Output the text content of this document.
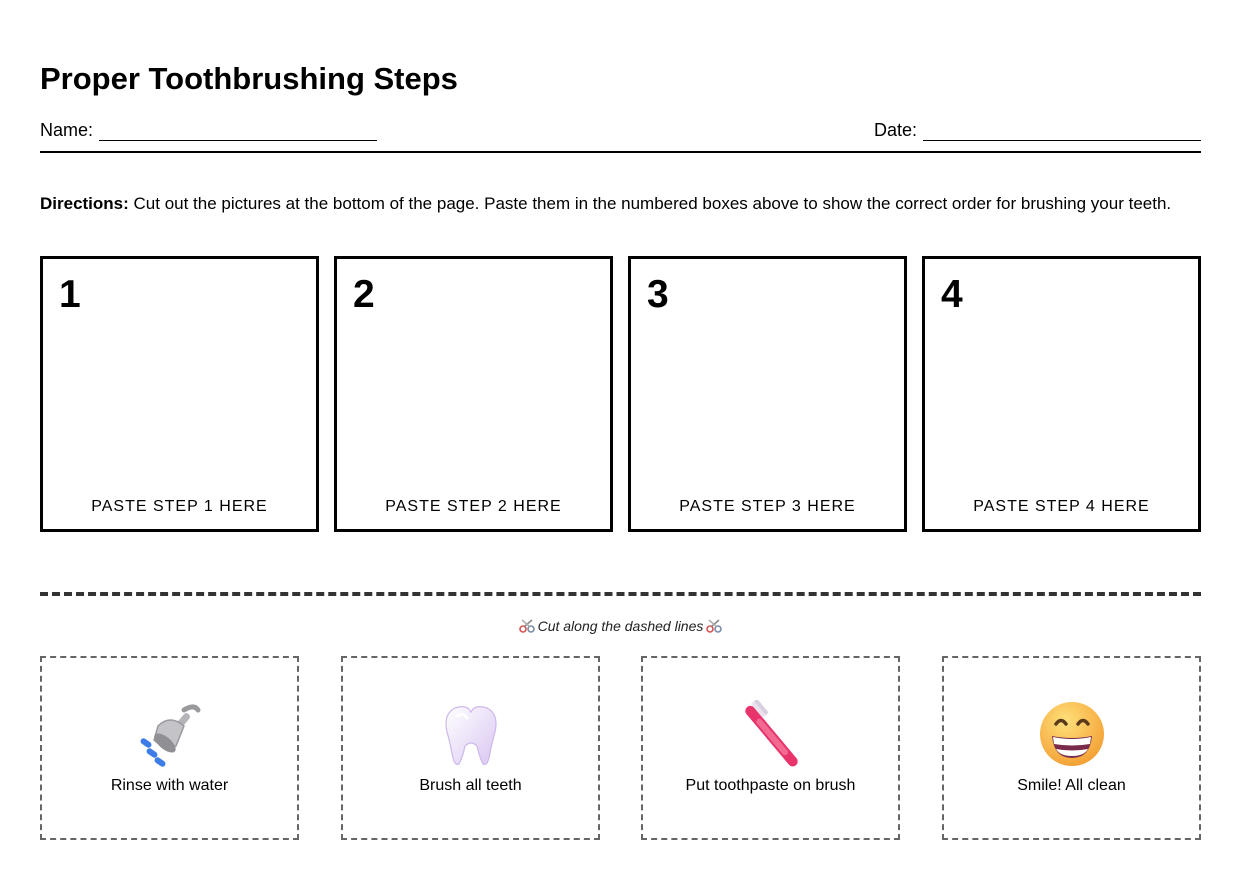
Proper Toothbrushing Steps
Name:	Date:

Directions: Cut out the pictures at the bottom of the page. Paste them in the numbered boxes above to show the correct order for brushing your teeth.

1
PASTE STEP 1 HERE
2
PASTE STEP 2 HERE
3
PASTE STEP 3 HERE
4
PASTE STEP 4 HERE
Cut along the dashed lines
Rinse with water	Brush all teeth	Put toothpaste on brush	Smile! All clean
